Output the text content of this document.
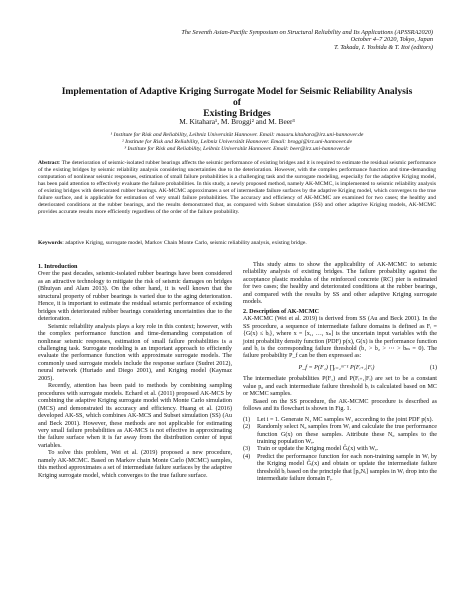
The Seventh Asian-Pacific Symposium on Structural Reliability and Its Applications (APSSRA2020)
October 4–7 2020, Tokyo, Japan
T. Takada, I. Yoshida & T. Itoi (editors)
Implementation of Adaptive Kriging Surrogate Model for Seismic Reliability Analysis of
Existing Bridges
M. Kitahara¹, M. Broggi² and M. Beer³
¹ Institute for Risk and Reliability, Leibniz Universität Hannover. Email: masaru.kitahara@irz.uni-hannover.de
² Institute for Risk and Reliability, Leibniz Universität Hannover. Email: broggi@irz.uni-hannover.de
³ Institute for Risk and Reliability, Leibniz Universität Hannover. Email: beer@irz.uni-hannover.de
Abstract: The deterioration of seismic-isolated rubber bearings affects the seismic performance of existing bridges and it is required to estimate the residual seismic performance of the existing bridges by seismic reliability analysis considering uncertainties due to the deterioration. However, with the complex performance function and time-demanding computation of nonlinear seismic responses, estimation of small failure probabilities is a challenging task and the surrogate modeling, especially for the adaptive Kriging model, has been paid attention to effectively evaluate the failure probabilities. In this study, a newly proposed method, namely AK-MCMC, is implemented to seismic reliability analysis of existing bridges with deteriorated rubber bearings. AK-MCMC approximates a set of intermediate failure surfaces by the adaptive Kriging model, which converges to the true failure surface, and is applicable for estimation of very small failure probabilities. The accuracy and efficiency of AK-MCMC are examined for two cases; the healthy and deteriorated conditions at the rubber bearings, and the results demonstrated that, as compared with Subset simulation (SS) and other adaptive Kriging models, AK-MCMC provides accurate results more efficiently regardless of the order of the failure probability.
Keywords: adaptive Kriging, surrogate model, Markov Chain Monte Carlo, seismic reliability analysis, existing bridge.

1. Introduction

Over the past decades, seismic-isolated rubber bearings have been considered as an attractive technology to mitigate the risk of seismic damages on bridges (Bhuiyan and Alam 2013). On the other hand, it is well known that the structural property of rubber bearings is varied due to the aging deterioration. Hence, it is important to estimate the residual seismic performance of existing bridges with deteriorated rubber bearings considering uncertainties due to the deterioration.

Seismic reliability analysis plays a key role in this context; however, with the complex performance function and time-demanding computation of nonlinear seismic responses, estimation of small failure probabilities is a challenging task. Surrogate modeling is an important approach to efficiently evaluate the performance function with approximate surrogate models. The commonly used surrogate models include the response surface (Sudret 2012), neural network (Hurtado and Diego 2001), and Kriging model (Kaymaz 2005).

Recently, attention has been paid to methods by combining sampling procedures with surrogate models. Echard et al. (2011) proposed AK-MCS by combining the adaptive Kriging surrogate model with Monte Carlo simulation (MCS) and demonstrated its accuracy and efficiency. Huang et al. (2016) developed AK-SS, which combines AK-MCS and Subset simulation (SS) (Au and Beck 2001). However, these methods are not applicable for estimating very small failure probabilities as AK-MCS is not effective in approximating the failure surface when it is far away from the distribution center of input variables.

To solve this problem, Wei et al. (2019) proposed a new procedure, namely AK-MCMC. Based on Markov chain Monte Carlo (MCMC) samples, this method approximates a set of intermediate failure surfaces by the adaptive Kriging surrogate model, which converges to the true failure surface.

This study aims to show the applicability of AK-MCMC to seismic reliability analysis of existing bridges. The failure probability against the acceptance plastic modulus of the reinforced concrete (RC) pier is estimated for two cases; the healthy and deteriorated conditions at the rubber bearings, and compared with the results by SS and other adaptive Kriging surrogate models.

2. Description of AK-MCMC

AK-MCMC (Wei et al. 2019) is derived from SS (Au and Beck 2001). In the SS procedure, a sequence of intermediate failure domains is defined as Fᵢ = {G(x) ≤ bᵢ}, where x = [x₁, …, xₙ] is the uncertain input variables with the joint probability density function (PDF) p(x), G(x) is the performance function and bᵢ is the corresponding failure threshold (b₁ > b₂ > ⋯ > bₘ = 0). The failure probability P_f can be then expressed as:

P_f = P(F₁) ∏ᵢ₌₁ᵐ⁻¹ P(Fᵢ₊₁|Fᵢ)	(1)

The intermediate probabilities P(F₁) and P(Fᵢ₊₁|Fᵢ) are set to be a constant value p₀ and each intermediate failure threshold bᵢ is calculated based on MC or MCMC samples.

Based on the SS procedure, the AK-MCMC procedure is described as follows and its flowchart is shown in Fig. 1.

(1)	Let i = 1. Generate N₁ MC samples W₁ according to the joint PDF p(x).
(2)	Randomly select N₀ samples from Wᵢ and calculate the true performance function G(x) on these samples. Attribute these N₀ samples to the training population Wₑ.
(3)	Train or update the Kriging model Ĝᵢ(x) with Wₑ.
(4)	Predict the performance function for each non-training sample in Wᵢ by the Kriging model Ĝᵢ(x) and obtain or update the intermediate failure threshold bᵢ based on the principle that [p₀Nᵢ] samples in Wᵢ drop into the intermediate failure domain Fᵢ.
